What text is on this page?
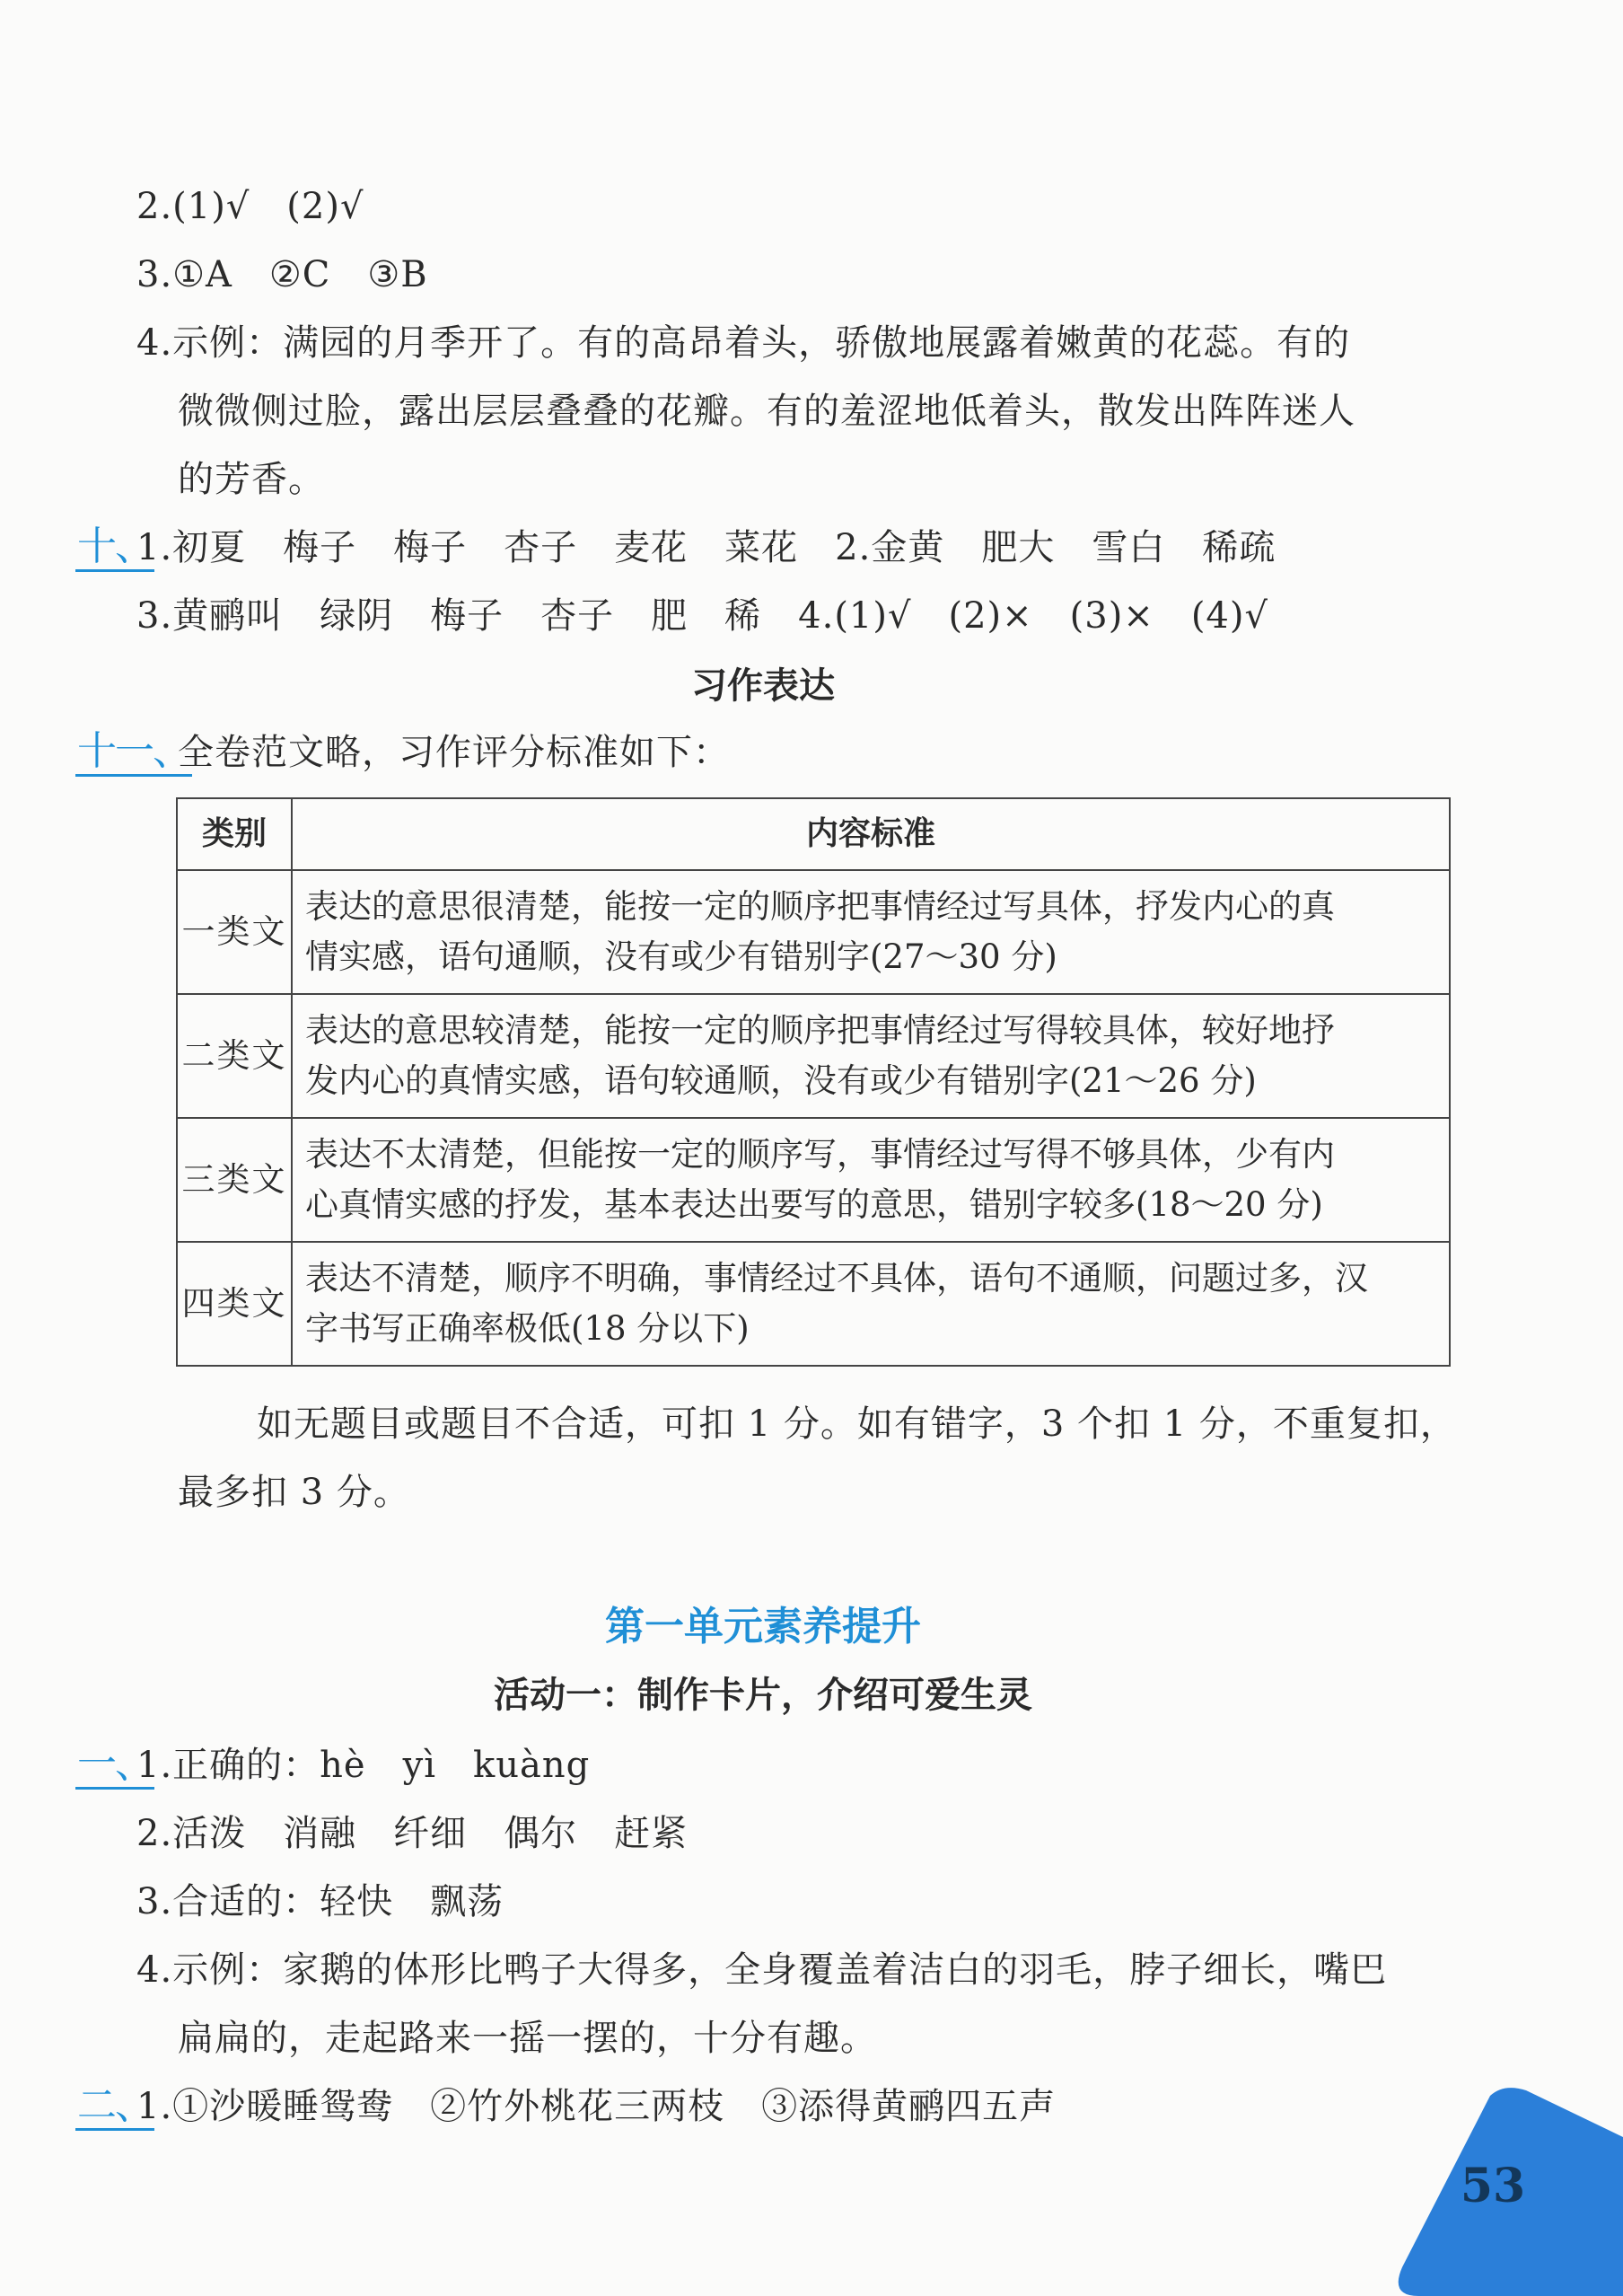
2.(1)√　(2)√
3.①A　②C　③B
4.示例：满园的月季开了。有的高昂着头，骄傲地展露着嫩黄的花蕊。有的
微微侧过脸，露出层层叠叠的花瓣。有的羞涩地低着头，散发出阵阵迷人
的芳香。
十、
1.初夏　梅子　梅子　杏子　麦花　菜花　2.金黄　肥大　雪白　稀疏
3.黄鹂叫　绿阴　梅子　杏子　肥　稀　4.(1)√　(2)×　(3)×　(4)√
习作表达
十一、
全卷范文略，习作评分标准如下：
类别	内容标准
一类文	表达的意思很清楚，能按一定的顺序把事情经过写具体，抒发内心的真
情实感，语句通顺，没有或少有错别字(27～30 分)

二类文	表达的意思较清楚，能按一定的顺序把事情经过写得较具体，较好地抒
发内心的真情实感，语句较通顺，没有或少有错别字(21～26 分)

三类文	表达不太清楚，但能按一定的顺序写，事情经过写得不够具体，少有内
心真情实感的抒发，基本表达出要写的意思，错别字较多(18～20 分)

四类文	表达不清楚，顺序不明确，事情经过不具体，语句不通顺，问题过多，汉
字书写正确率极低(18 分以下)
如无题目或题目不合适，可扣 1 分。如有错字，3 个扣 1 分，不重复扣，
最多扣 3 分。
第一单元素养提升
活动一：制作卡片，介绍可爱生灵
一、
1.正确的：hè　yì　kuàng
2.活泼　消融　纤细　偶尔　赶紧
3.合适的：轻快　飘荡
4.示例：家鹅的体形比鸭子大得多，全身覆盖着洁白的羽毛，脖子细长，嘴巴
扁扁的，走起路来一摇一摆的，十分有趣。
二、
1.①沙暖睡鸳鸯　②竹外桃花三两枝　③添得黄鹂四五声
53
